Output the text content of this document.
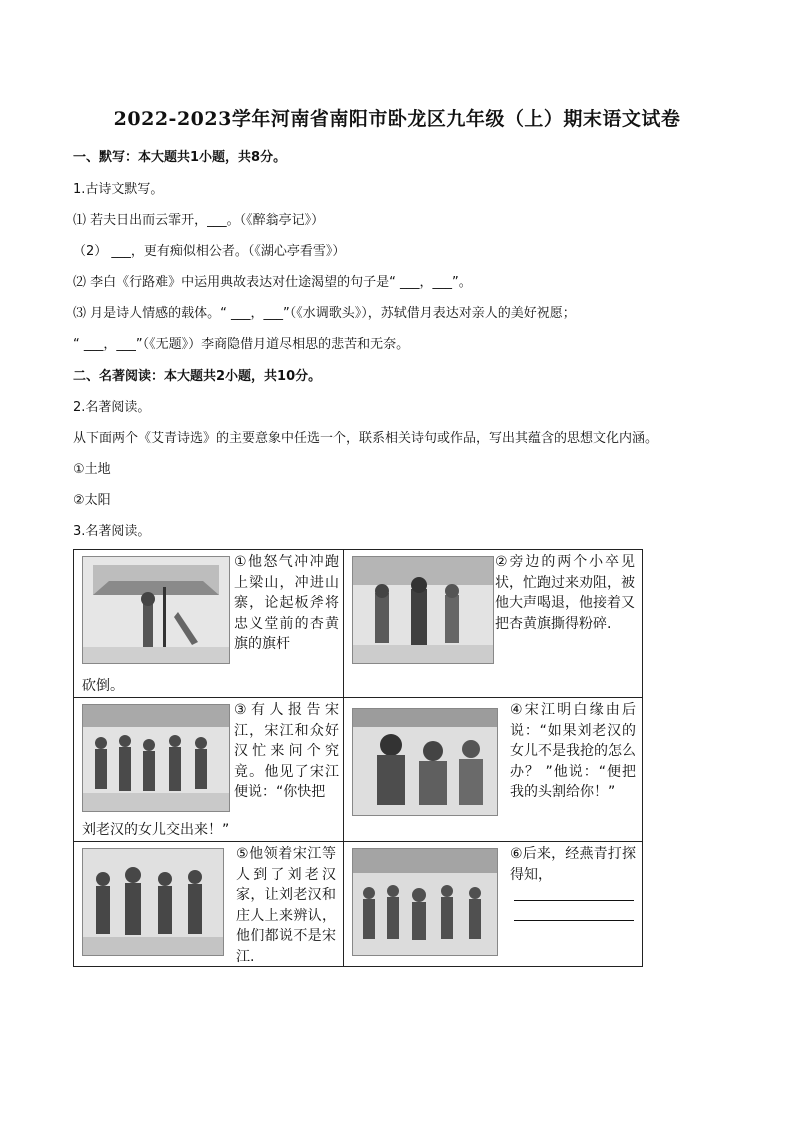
2022-2023学年河南省南阳市卧龙区九年级（上）期末语文试卷
一、默写：本大题共1小题，共8分。
1.古诗文默写。
⑴ 若夫日出而云霏开，___。（《醉翁亭记》）
（2） ___，更有痴似相公者。（《湖心亭看雪》）
⑵ 李白《行路难》中运用典故表达对仕途渴望的句子是“ ___，___”。
⑶ 月是诗人情感的载体。“ ___，___”（《水调歌头》），苏轼借月表达对亲人的美好祝愿；
“ ___，___”（《无题》）李商隐借月道尽相思的悲苦和无奈。
二、名著阅读：本大题共2小题，共10分。
2.名著阅读。
从下面两个《艾青诗选》的主要意象中任选一个，联系相关诗句或作品，写出其蕴含的思想文化内涵。
①土地
②太阳
3.名著阅读。
①他怒气冲冲跑上梁山，冲进山寨，论起板斧将忠义堂前的杏黄旗的旗杆
砍倒。	②旁边的两个小卒见状，忙跑过来劝阻，被他大声喝退，他接着又把杏黄旗撕得粉碎.

③有人报告宋江，宋江和众好汉忙来问个究竟。他见了宋江便说：“你快把
刘老汉的女儿交出来！”	④宋江明白缘由后说：“如果刘老汉的女儿不是我抢的怎么办？ ”他说：“便把我的头割给你！”

⑤他领着宋江等人到了刘老汉家，让刘老汉和庄人上来辨认，他们都说不是宋江.	⑥后来，经燕青打探得知，
